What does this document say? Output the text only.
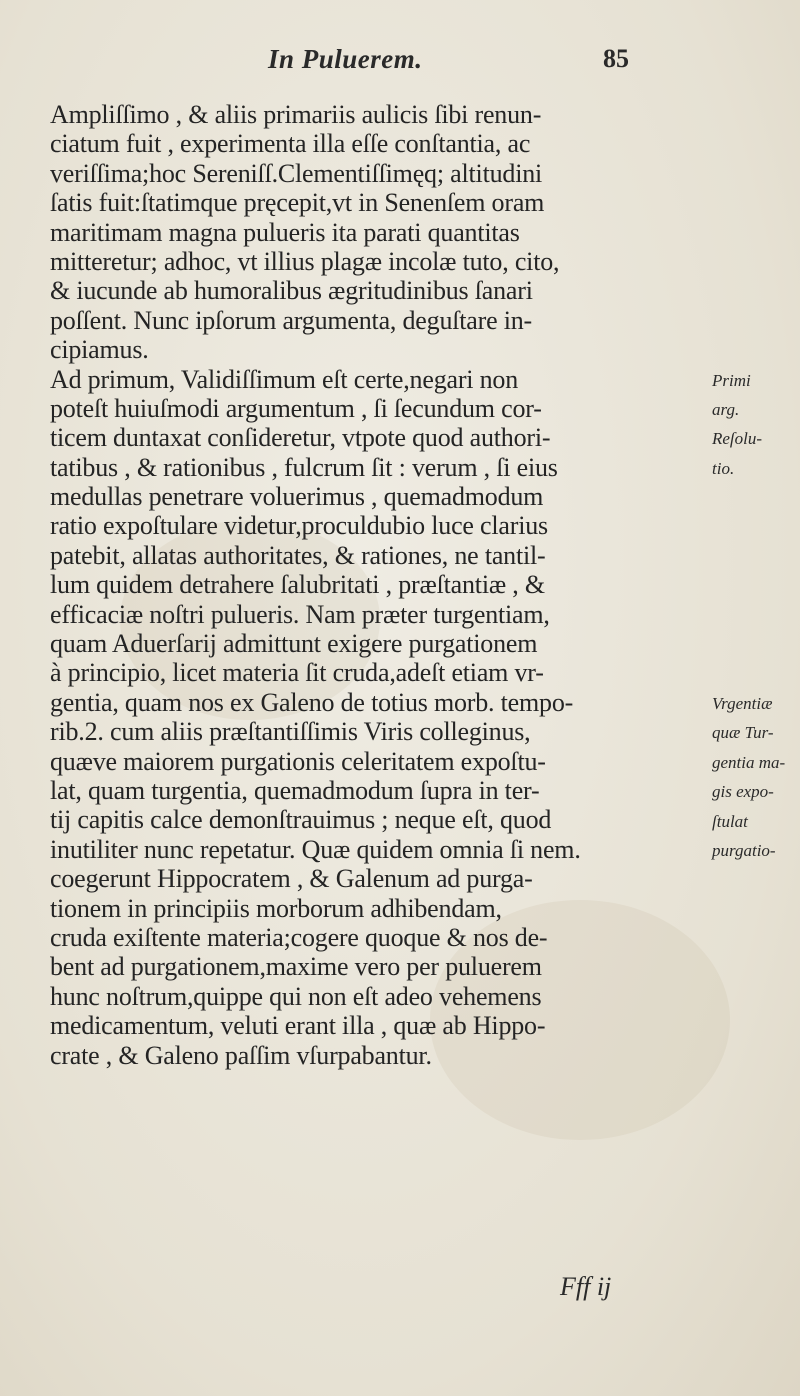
In Puluerem.	85
Ampliſſimo , & aliis primariis aulicis ſibi renun-
ciatum fuit , experimenta illa eſſe conſtantia, ac
veriſſima;hoc Sereniſſ.Clementiſſimęq; altitudini
ſatis fuit:ſtatimque pręcepit,vt in Senenſem oram
maritimam magna pulueris ita parati quantitas
mitteretur; adhoc, vt illius plagæ incolæ tuto, cito,
& iucunde ab humoralibus ægritudinibus ſanari
poſſent. Nunc ipſorum argumenta, deguſtare in-
cipiamus.
Ad primum, Validiſſimum eſt certe,negari non
poteſt huiuſmodi argumentum , ſi ſecundum cor-
ticem duntaxat conſideretur, vtpote quod authori-
tatibus , & rationibus , fulcrum ſit : verum , ſi eius
medullas penetrare voluerimus , quemadmodum
ratio expoſtulare videtur,proculdubio luce clarius
patebit, allatas authoritates, & rationes, ne tantil-
lum quidem detrahere ſalubritati , præſtantiæ , &
efficaciæ noſtri pulueris. Nam præter turgentiam,
quam Aduerſarij admittunt exigere purgationem
à principio, licet materia ſit cruda,adeſt etiam vr-
gentia, quam nos ex Galeno de totius morb. tempo-
rib.2. cum aliis præſtantiſſimis Viris colleginus,
quæve maiorem purgationis celeritatem expoſtu-
lat, quam turgentia, quemadmodum ſupra in ter-
tij capitis calce demonſtrauimus ; neque eſt, quod
inutiliter nunc repetatur. Quæ quidem omnia ſi nem.
coegerunt Hippocratem , & Galenum ad purga-
tionem in principiis morborum adhibendam,
cruda exiſtente materia;cogere quoque & nos de-
bent ad purgationem,maxime vero per puluerem
hunc noſtrum,quippe qui non eſt adeo vehemens
medicamentum, veluti erant illa , quæ ab Hippo-
crate , & Galeno paſſim vſurpabantur.
Primi
arg.
Reſolu-
tio.
Vrgentiæ
quæ Tur-
gentia ma-
gis expo-
ſtulat
purgatio-
Fff ij
